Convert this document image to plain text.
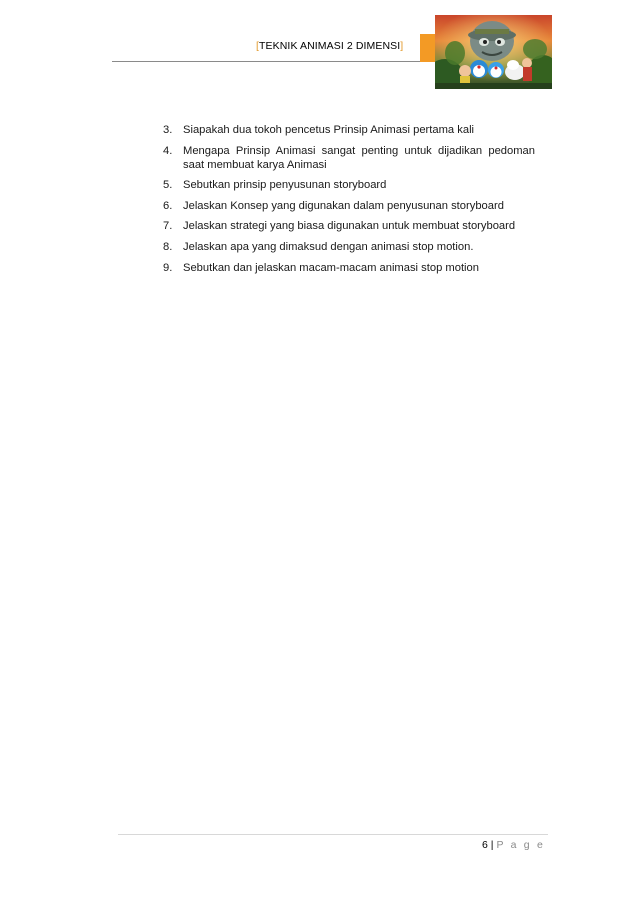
[TEKNIK ANIMASI 2 DIMENSI]
3. Siapakah dua tokoh pencetus Prinsip Animasi pertama kali
4. Mengapa Prinsip Animasi sangat penting untuk dijadikan pedoman saat membuat karya Animasi
5. Sebutkan prinsip penyusunan storyboard
6. Jelaskan Konsep yang digunakan dalam penyusunan storyboard
7. Jelaskan strategi yang biasa digunakan untuk membuat storyboard
8. Jelaskan apa yang dimaksud dengan animasi stop motion.
9. Sebutkan dan jelaskan macam-macam animasi stop motion
6 | P a g e
